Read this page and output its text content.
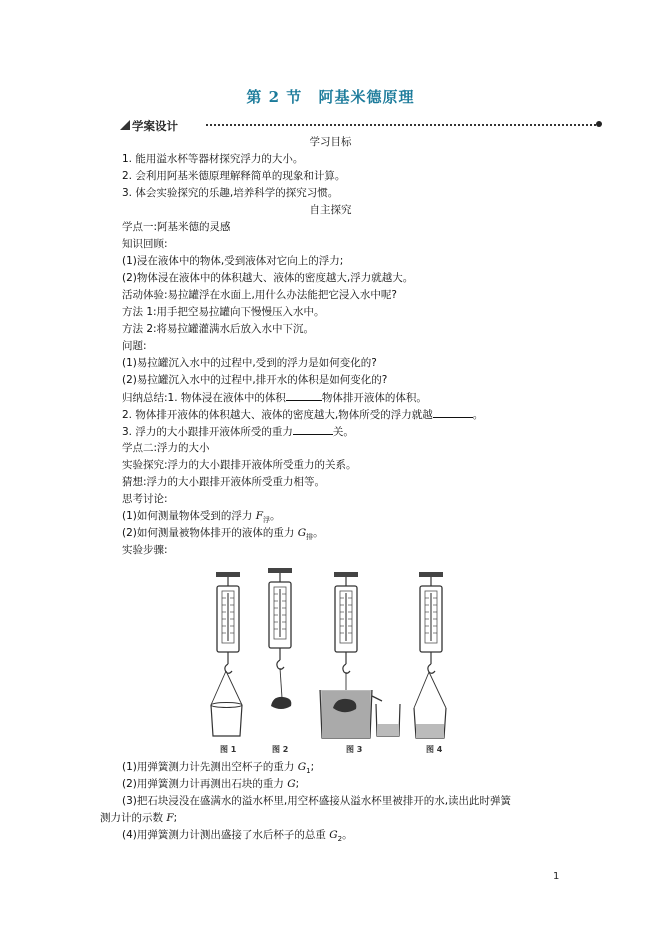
第 2 节 阿基米德原理
学案设计
学习目标
1. 能用溢水杯等器材探究浮力的大小。
2. 会利用阿基米德原理解释简单的现象和计算。
3. 体会实验探究的乐趣,培养科学的探究习惯。
自主探究
学点一:阿基米德的灵感
知识回顾:
(1)浸在液体中的物体,受到液体对它向上的浮力;
(2)物体浸在液体中的体积越大、液体的密度越大,浮力就越大。
活动体验:易拉罐浮在水面上,用什么办法能把它浸入水中呢?
方法 1:用手把空易拉罐向下慢慢压入水中。
方法 2:将易拉罐灌满水后放入水中下沉。
问题:
(1)易拉罐沉入水中的过程中,受到的浮力是如何变化的?
(2)易拉罐沉入水中的过程中,排开水的体积是如何变化的?
归纳总结:1. 物体浸在液体中的体积	物体排开液体的体积。
2. 物体排开液体的体积越大、液体的密度越大,物体所受的浮力就越	。
3. 浮力的大小跟排开液体所受的重力	关。
学点二:浮力的大小
实验探究:浮力的大小跟排开液体所受重力的关系。
猜想:浮力的大小跟排开液体所受重力相等。
思考讨论:
(1)如何测量物体受到的浮力 $F_浮$。
(2)如何测量被物体排开的液体的重力 $G_排$。
实验步骤:
图 1	图 2	图 3	图 4
(1)用弹簧测力计先测出空杯子的重力 $G_1$;
(2)用弹簧测力计再测出石块的重力 G;
(3)把石块浸没在盛满水的溢水杯里,用空杯盛接从溢水杯里被排开的水,读出此时弹簧
测力计的示数 F;
(4)用弹簧测力计测出盛接了水后杯子的总重 $G_2$。
1
